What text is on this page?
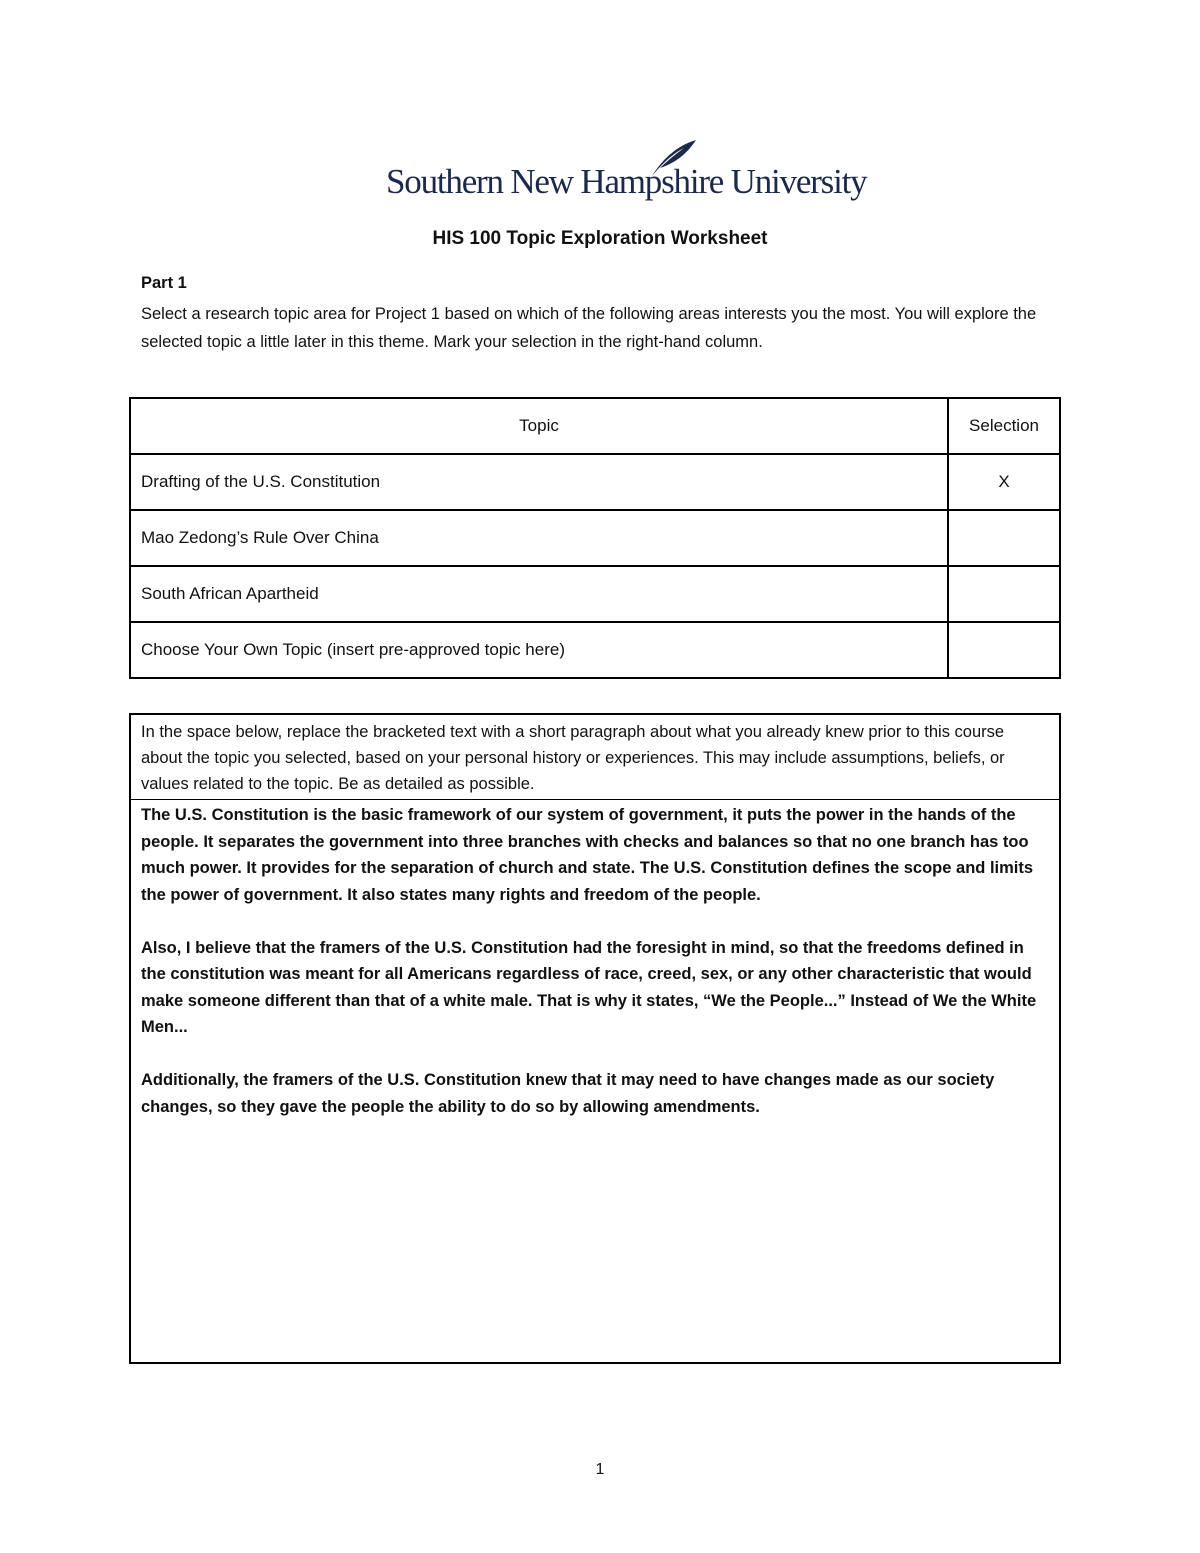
Southern New Hampshire University
HIS 100 Topic Exploration Worksheet
Part 1
Select a research topic area for Project 1 based on which of the following areas interests you the most. You will explore the selected topic a little later in this theme. Mark your selection in the right-hand column.
Topic	Selection
Drafting of the U.S. Constitution	X
Mao Zedong’s Rule Over China	
South African Apartheid	
Choose Your Own Topic (insert pre-approved topic here)	
In the space below, replace the bracketed text with a short paragraph about what you already knew prior to this course about the topic you selected, based on your personal history or experiences. This may include assumptions, beliefs, or values related to the topic. Be as detailed as possible.

The U.S. Constitution is the basic framework of our system of government, it puts the power in the hands of the people. It separates the government into three branches with checks and balances so that no one branch has too much power. It provides for the separation of church and state. The U.S. Constitution defines the scope and limits the power of government. It also states many rights and freedom of the people.

Also, I believe that the framers of the U.S. Constitution had the foresight in mind, so that the freedoms defined in the constitution was meant for all Americans regardless of race, creed, sex, or any other characteristic that would make someone different than that of a white male. That is why it states, “We the People...” Instead of We the White Men...

Additionally, the framers of the U.S. Constitution knew that it may need to have changes made as our society changes, so they gave the people the ability to do so by allowing amendments.

1
